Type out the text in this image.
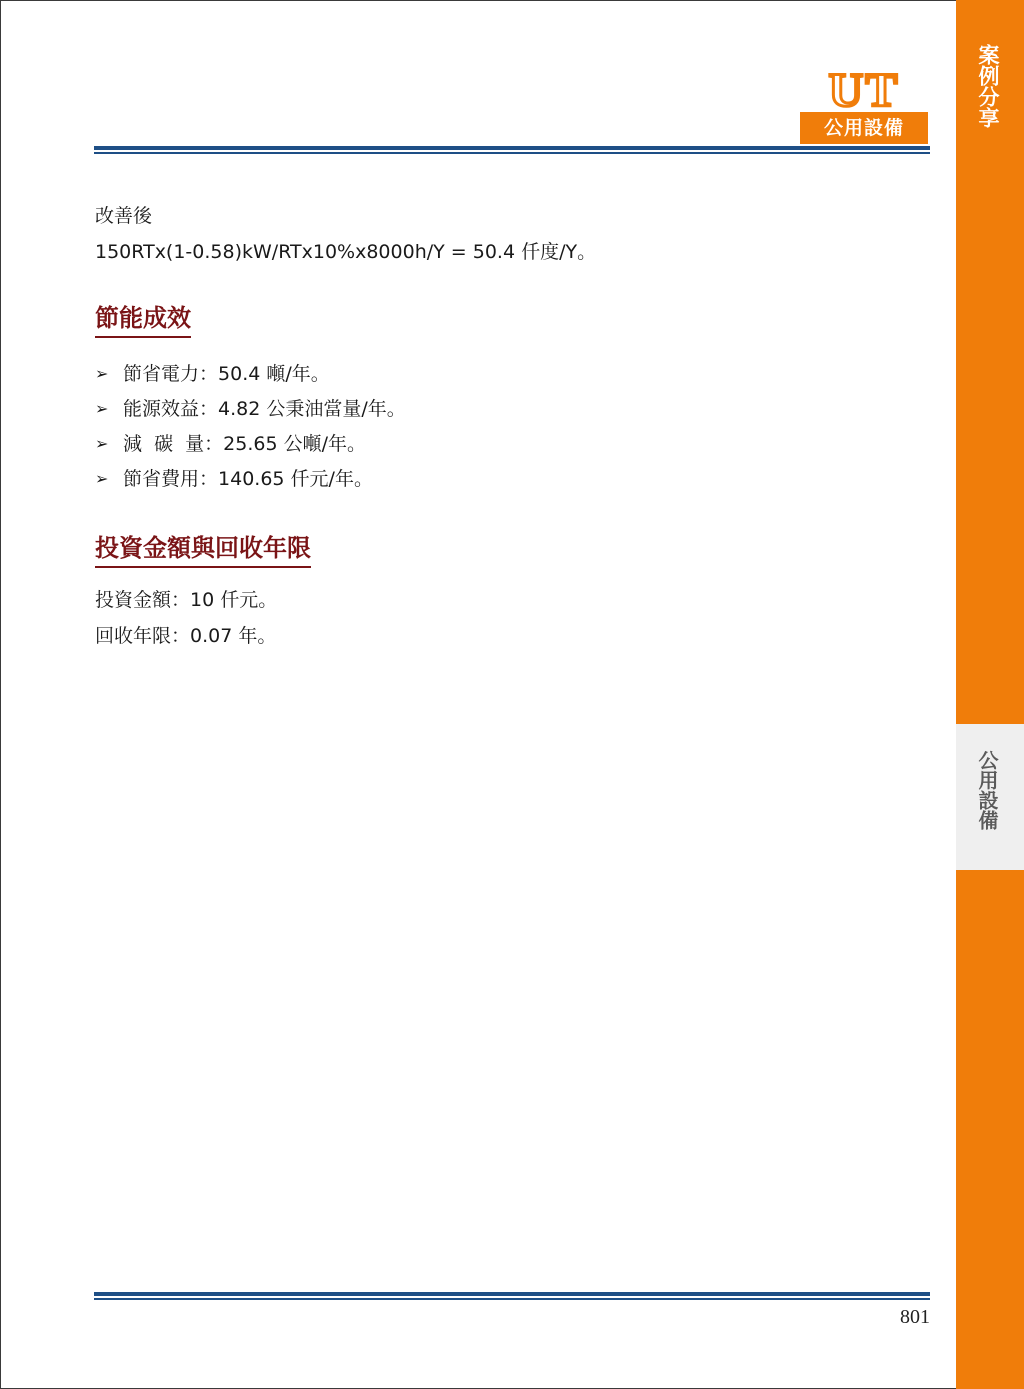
案例分享
公用設備
UT
公用設備
改善後
150RTx(1-0.58)kW/RTx10%x8000h/Y = 50.4 仟度/Y。
節能成效
➢ 節省電力 ：50.4 噸/年。
➢ 能源效益 ：4.82 公秉油當量/年。
➢ 減  碳  量 ：25.65 公噸/年。
➢ 節省費用 ：140.65 仟元/年。
投資金額與回收年限
投資金額：10 仟元。
回收年限：0.07 年。
801
